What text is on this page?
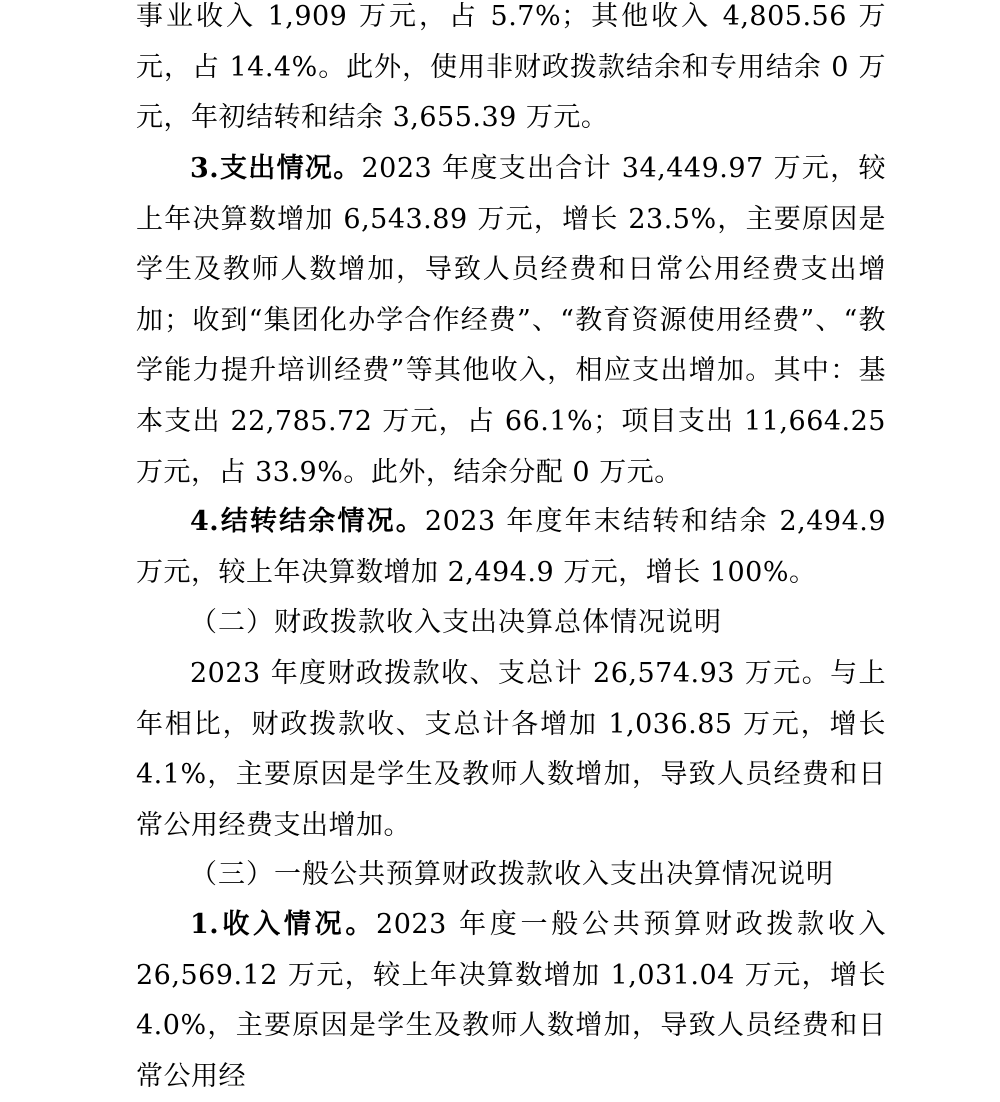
事业收入 1,909 万元，占 5.7%；其他收入 4,805.56 万元，占 14.4%。此外，使用非财政拨款结余和专用结余 0 万元，年初结转和结余 3,655.39 万元。

3.支出情况。2023 年度支出合计 34,449.97 万元，较上年决算数增加 6,543.89 万元，增长 23.5%，主要原因是学生及教师人数增加，导致人员经费和日常公用经费支出增加；收到“集团化办学合作经费”、“教育资源使用经费”、“教学能力提升培训经费”等其他收入，相应支出增加。其中：基本支出 22,785.72 万元，占 66.1%；项目支出 11,664.25 万元，占 33.9%。此外，结余分配 0 万元。

4.结转结余情况。2023 年度年末结转和结余 2,494.9 万元，较上年决算数增加 2,494.9 万元，增长 100%。

（二）财政拨款收入支出决算总体情况说明

2023 年度财政拨款收、支总计 26,574.93 万元。与上年相比，财政拨款收、支总计各增加 1,036.85 万元，增长 4.1%，主要原因是学生及教师人数增加，导致人员经费和日常公用经费支出增加。

（三）一般公共预算财政拨款收入支出决算情况说明

1.收入情况。2023 年度一般公共预算财政拨款收入 26,569.12 万元，较上年决算数增加 1,031.04 万元，增长 4.0%，主要原因是学生及教师人数增加，导致人员经费和日常公用经
